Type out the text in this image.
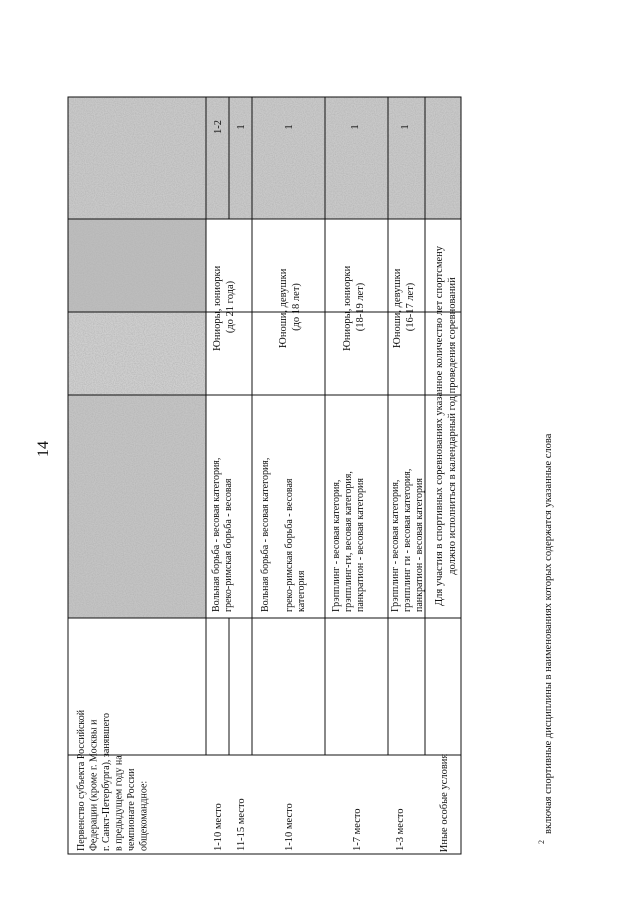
14
Первенство субъекта Российской Федерации (кроме г. Москвы и г. Санкт-Петербурга), занявшего в предыдущем году на чемпионате России общекомандное:	1-10 место
Вольная борьба - весовая категория, греко-римская борьба - весовая
Юниоры, юниорки (до 21 года)
1-2
11-15 место
1
1-10 место
Вольная борьба - весовая категория, греко-римская борьба - весовая категория
Юноши, девушки (до 18 лет)
1
1-7 место
Грэпплинг - весовая категория, грэпплинг-ги, весовая категория, панкратион - весовая категория
Юниоры, юниорки (18-19 лет)
1
1-3 место
Грэпплинг - весовая категория, грэпплинг ги - весовая категория, панкратион - весовая категория
Юноши, девушки (16-17 лет)
1
Иные особые условия
Для участия в спортивных соревнованиях указанное количество лет спортсмену должно исполниться в календарный год проведения соревнований
2
включая спортивные дисциплины в наименованиях которых содержатся указанные слова
